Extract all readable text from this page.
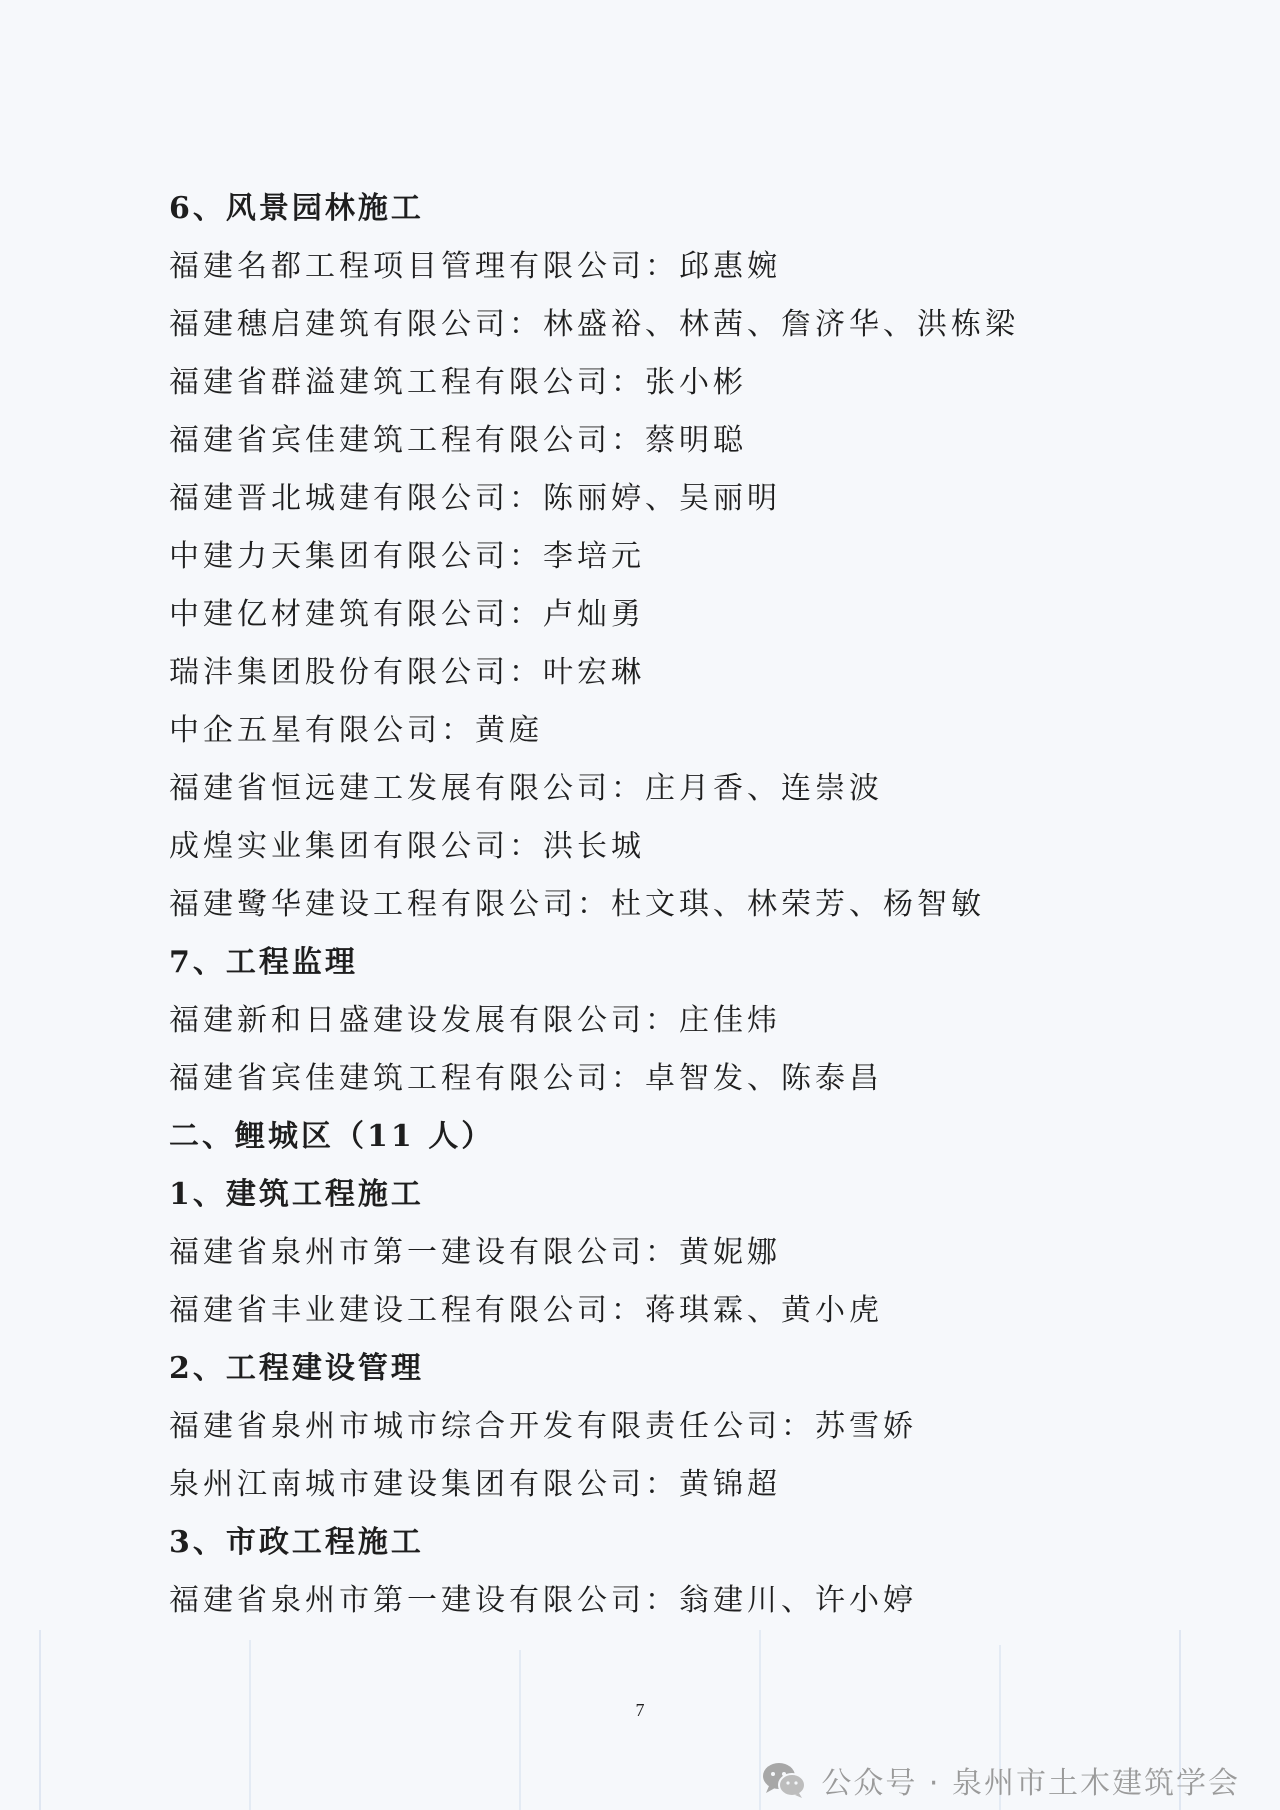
6、风景园林施工
福建名都工程项目管理有限公司：邱惠婉
福建穗启建筑有限公司：林盛裕、林茜、詹济华、洪栋梁
福建省群溢建筑工程有限公司：张小彬
福建省宾佳建筑工程有限公司：蔡明聪
福建晋北城建有限公司：陈丽婷、吴丽明
中建力天集团有限公司：李培元
中建亿材建筑有限公司：卢灿勇
瑞沣集团股份有限公司：叶宏琳
中企五星有限公司：黄庭
福建省恒远建工发展有限公司：庄月香、连崇波
成煌实业集团有限公司：洪长城
福建鹭华建设工程有限公司：杜文琪、林荣芳、杨智敏
7、工程监理
福建新和日盛建设发展有限公司：庄佳炜
福建省宾佳建筑工程有限公司：卓智发、陈泰昌
二、鲤城区（11 人）
1、建筑工程施工
福建省泉州市第一建设有限公司：黄妮娜
福建省丰业建设工程有限公司：蒋琪霖、黄小虎
2、工程建设管理
福建省泉州市城市综合开发有限责任公司：苏雪娇
泉州江南城市建设集团有限公司：黄锦超
3、市政工程施工
福建省泉州市第一建设有限公司：翁建川、许小婷
7
公众号 · 泉州市土木建筑学会
